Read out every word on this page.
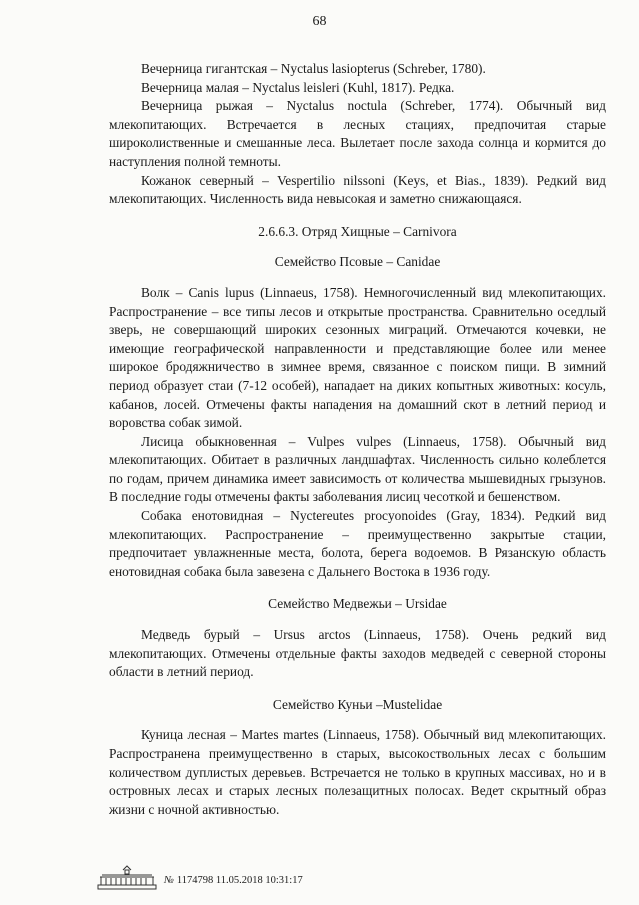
68

Вечерница гигантская – Nyctalus lasiopterus (Schreber, 1780).

Вечерница малая – Nyctalus leisleri (Kuhl, 1817). Редка.

Вечерница рыжая – Nyctalus noctula (Schreber, 1774). Обычный вид млекопитающих. Встречается в лесных стациях, предпочитая старые широколиственные и смешанные леса. Вылетает после захода солнца и кормится до наступления полной темноты.

Кожанок северный – Vespertilio nilssoni (Keys, et Bias., 1839). Редкий вид млекопитающих. Численность вида невысокая и заметно снижающаяся.

2.6.6.3. Отряд Хищные – Carnivora
Семейство Псовые – Canidae

Волк – Canis lupus (Linnaeus, 1758). Немногочисленный вид млекопитающих. Распространение – все типы лесов и открытые пространства. Сравнительно оседлый зверь, не совершающий широких сезонных миграций. Отмечаются кочевки, не имеющие географической направленности и представляющие более или менее широкое бродяжничество в зимнее время, связанное с поиском пищи. В зимний период образует стаи (7-12 особей), нападает на диких копытных животных: косуль, кабанов, лосей. Отмечены факты нападения на домашний скот в летний период и воровства собак зимой.

Лисица обыкновенная – Vulpes vulpes (Linnaeus, 1758). Обычный вид млекопитающих. Обитает в различных ландшафтах. Численность сильно колеблется по годам, причем динамика имеет зависимость от количества мышевидных грызунов. В последние годы отмечены факты заболевания лисиц чесоткой и бешенством.

Собака енотовидная – Nyctereutes procyonoides (Gray, 1834). Редкий вид млекопитающих. Распространение – преимущественно закрытые стации, предпочитает увлажненные места, болота, берега водоемов. В Рязанскую область енотовидная собака была завезена с Дальнего Востока в 1936 году.

Семейство Медвежьи – Ursidae

Медведь бурый – Ursus arctos (Linnaeus, 1758). Очень редкий вид млекопитающих. Отмечены отдельные факты заходов медведей с северной стороны области в летний период.

Семейство Куньи –Mustelidae

Куница лесная – Martes martes (Linnaeus, 1758). Обычный вид млекопитающих. Распространена преимущественно в старых, высокоствольных лесах с большим количеством дуплистых деревьев. Встречается не только в крупных массивах, но и в островных лесах и старых лесных полезащитных полосах. Ведет скрытный образ жизни с ночной активностью.

№ 1174798 11.05.2018 10:31:17
